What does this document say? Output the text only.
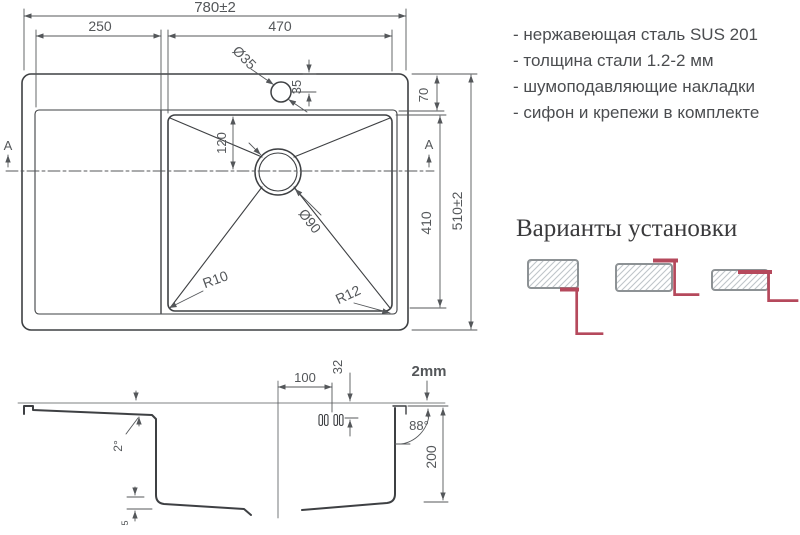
780±2
250	470
Ø35
35
120
Ø90
70
410 510±2
A	A
R10
R12
100
32	2mm
88°
200
2°
5
- нержавеющая сталь SUS 201
- толщина стали 1.2-2 мм
- шумоподавляющие накладки
- сифон и крепежи в комплекте
Варианты установки
